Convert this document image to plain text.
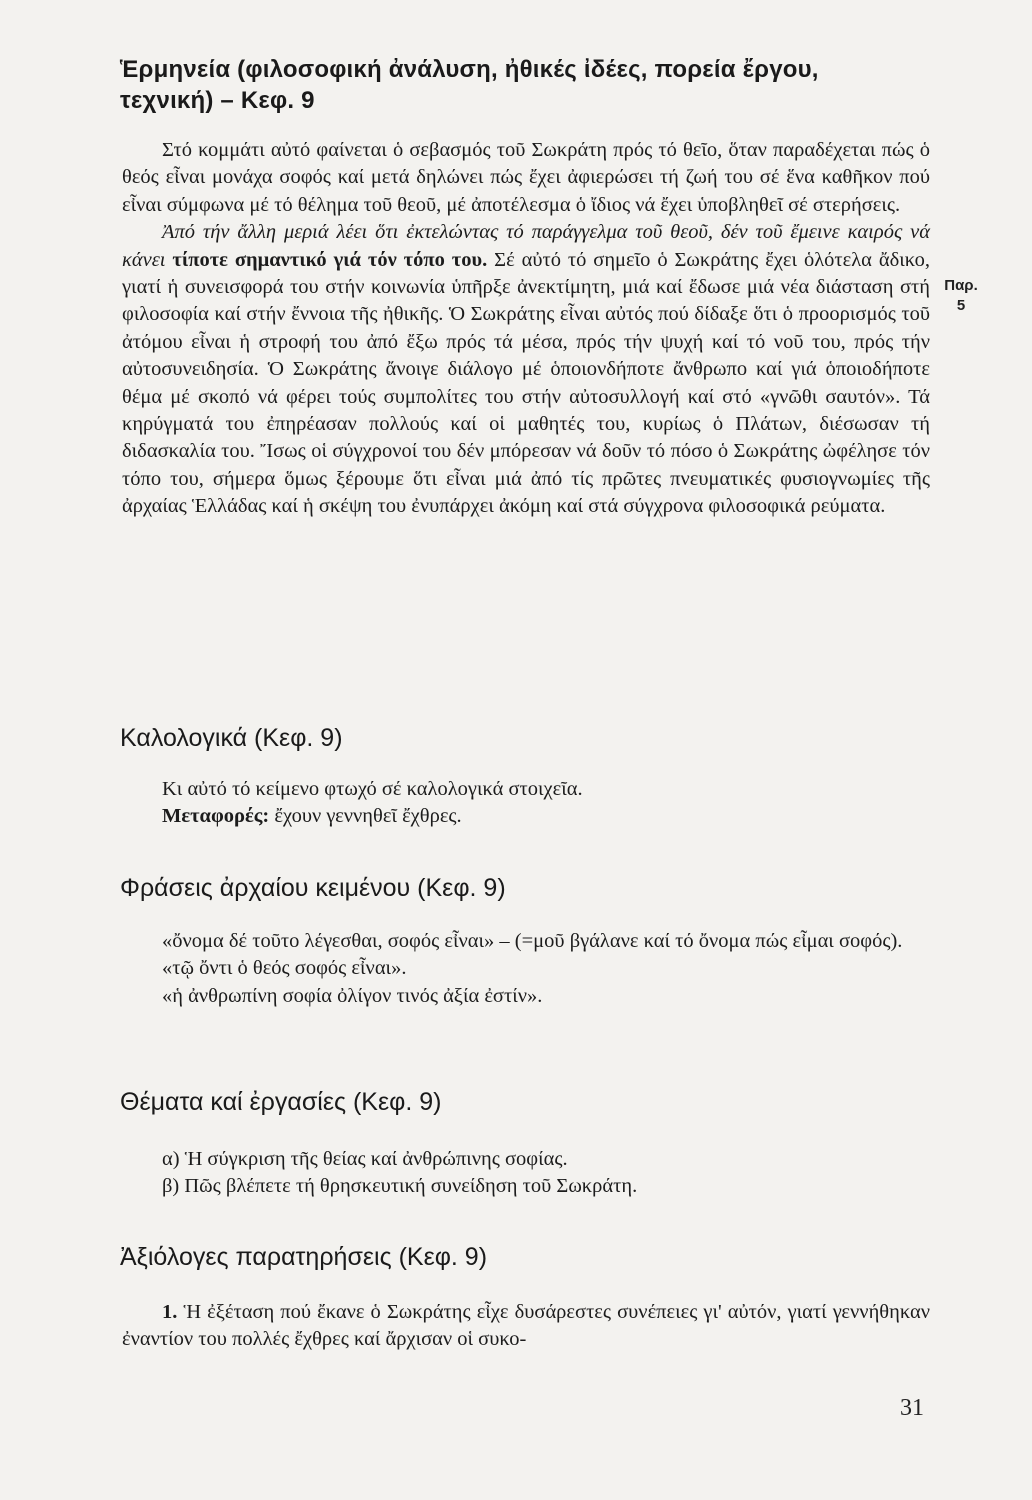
Ἑρμηνεία (φιλοσοφική ἀνάλυση, ἠθικές ἰδέες, πορεία ἔργου,
τεχνική) – Κεφ. 9

Στό κομμάτι αὐτό φαίνεται ὁ σεβασμός τοῦ Σωκράτη πρός τό θεῖο, ὅταν παραδέχεται πώς ὁ θεός εἶναι μονάχα σοφός καί μετά δηλώνει πώς ἔχει ἀφιερώσει τή ζωή του σέ ἕνα καθῆκον πού εἶναι σύμφωνα μέ τό θέλημα τοῦ θεοῦ, μέ ἀποτέλεσμα ὁ ἴδιος νά ἔχει ὑποβληθεῖ σέ στερήσεις.

Ἀπό τήν ἄλλη μεριά λέει ὅτι ἐκτελώντας τό παράγγελμα τοῦ θεοῦ, δέν τοῦ ἔμεινε καιρός νά κάνει τίποτε σημαντικό γιά τόν τόπο του. Σέ αὐτό τό σημεῖο ὁ Σωκράτης ἔχει ὁλότελα ἄδικο, γιατί ἡ συνεισφορά του στήν κοινωνία ὑπῆρξε ἀνεκτίμητη, μιά καί ἔδωσε μιά νέα διάσταση στή φιλοσοφία καί στήν ἔννοια τῆς ἠθικῆς. Ὁ Σωκράτης εἶναι αὐτός πού δίδαξε ὅτι ὁ προορισμός τοῦ ἀτόμου εἶναι ἡ στροφή του ἀπό ἔξω πρός τά μέσα, πρός τήν ψυχή καί τό νοῦ του, πρός τήν αὐτοσυνειδησία. Ὁ Σωκράτης ἄνοιγε διάλογο μέ ὁποιονδήποτε ἄνθρωπο καί γιά ὁποιοδήποτε θέμα μέ σκοπό νά φέρει τούς συμπολίτες του στήν αὐτοσυλλογή καί στό «γνῶθι σαυτόν». Τά κηρύγματά του ἐπηρέασαν πολλούς καί οἱ μαθητές του, κυρίως ὁ Πλάτων, διέσωσαν τή διδασκαλία του. Ἴσως οἱ σύγχρονοί του δέν μπόρεσαν νά δοῦν τό πόσο ὁ Σωκράτης ὠφέλησε τόν τόπο του, σήμερα ὅμως ξέρουμε ὅτι εἶναι μιά ἀπό τίς πρῶτες πνευματικές φυσιογνωμίες τῆς ἀρχαίας Ἑλλάδας καί ἡ σκέψη του ἐνυπάρχει ἀκόμη καί στά σύγχρονα φιλοσοφικά ρεύματα.

Παρ.
5
Καλολογικά (Κεφ. 9)

Κι αὐτό τό κείμενο φτωχό σέ καλολογικά στοιχεῖα.

Μεταφορές: ἔχουν γεννηθεῖ ἔχθρες.

Φράσεις ἀρχαίου κειμένου (Κεφ. 9)

«ὄνομα δέ τοῦτο λέγεσθαι, σοφός εἶναι» – (=μοῦ βγάλανε καί τό ὄνομα πώς εἶμαι σοφός).

«τῷ ὄντι ὁ θεός σοφός εἶναι».

«ἡ ἀνθρωπίνη σοφία ὀλίγον τινός ἀξία ἐστίν».

Θέματα καί ἐργασίες (Κεφ. 9)

α) Ἡ σύγκριση τῆς θείας καί ἀνθρώπινης σοφίας.

β) Πῶς βλέπετε τή θρησκευτική συνείδηση τοῦ Σωκράτη.

Ἀξιόλογες παρατηρήσεις (Κεφ. 9)

1. Ἡ ἐξέταση πού ἔκανε ὁ Σωκράτης εἶχε δυσάρεστες συνέπειες γι' αὐτόν, γιατί γεννήθηκαν ἐναντίον του πολλές ἔχθρες καί ἄρχισαν οἱ συκο-

31
